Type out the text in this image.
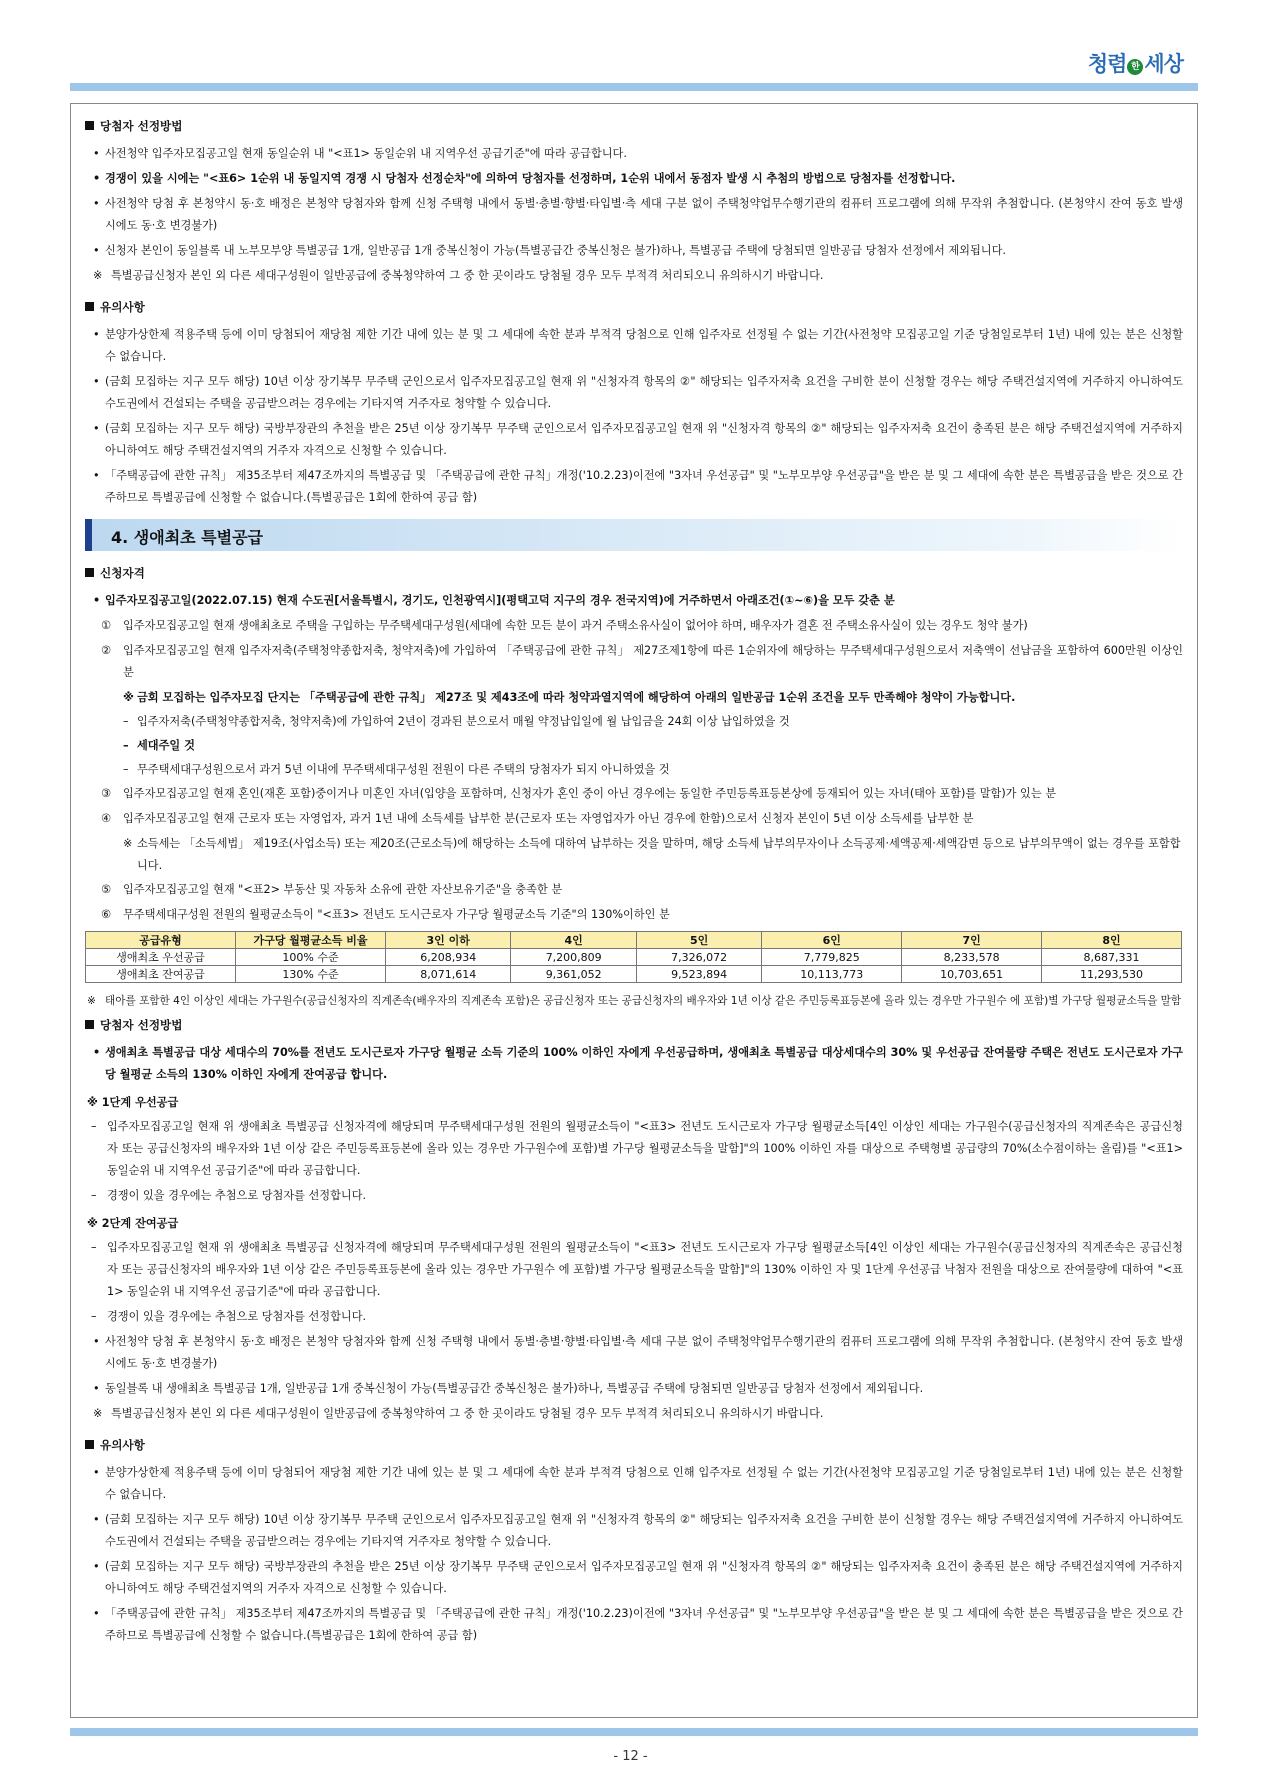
청렴 한 세상
당첨자 선정방법
• 사전청약 입주자모집공고일 현재 동일순위 내 "<표1> 동일순위 내 지역우선 공급기준"에 따라 공급합니다.
• 경쟁이 있을 시에는 "<표6> 1순위 내 동일지역 경쟁 시 당첨자 선정순차"에 의하여 당첨자를 선정하며, 1순위 내에서 동점자 발생 시 추첨의 방법으로 당첨자를 선정합니다.
• 사전청약 당첨 후 본청약시 동·호 배정은 본청약 당첨자와 함께 신청 주택형 내에서 동별·층별·향별·타입별·측 세대 구분 없이 주택청약업무수행기관의 컴퓨터 프로그램에 의해 무작위 추첨합니다. (본청약시 잔여 동호 발생 시에도 동·호 변경불가)
• 신청자 본인이 동일블록 내 노부모부양 특별공급 1개, 일반공급 1개 중복신청이 가능(특별공급간 중복신청은 불가)하나, 특별공급 주택에 당첨되면 일반공급 당첨자 선정에서 제외됩니다.
※ 특별공급신청자 본인 외 다른 세대구성원이 일반공급에 중복청약하여 그 중 한 곳이라도 당첨될 경우 모두 부적격 처리되오니 유의하시기 바랍니다.
유의사항
• 분양가상한제 적용주택 등에 이미 당첨되어 재당첨 제한 기간 내에 있는 분 및 그 세대에 속한 분과 부적격 당첨으로 인해 입주자로 선정될 수 없는 기간(사전청약 모집공고일 기준 당첨일로부터 1년) 내에 있는 분은 신청할 수 없습니다.
• (금회 모집하는 지구 모두 해당) 10년 이상 장기복무 무주택 군인으로서 입주자모집공고일 현재 위 "신청자격 항목의 ②" 해당되는 입주자저축 요건을 구비한 분이 신청할 경우는 해당 주택건설지역에 거주하지 아니하여도 수도권에서 건설되는 주택을 공급받으려는 경우에는 기타지역 거주자로 청약할 수 있습니다.
• (금회 모집하는 지구 모두 해당) 국방부장관의 추천을 받은 25년 이상 장기복무 무주택 군인으로서 입주자모집공고일 현재 위 "신청자격 항목의 ②" 해당되는 입주자저축 요건이 충족된 분은 해당 주택건설지역에 거주하지 아니하여도 해당 주택건설지역의 거주자 자격으로 신청할 수 있습니다.
• 「주택공급에 관한 규칙」 제35조부터 제47조까지의 특별공급 및 「주택공급에 관한 규칙」개정('10.2.23)이전에 "3자녀 우선공급" 및 "노부모부양 우선공급"을 받은 분 및 그 세대에 속한 분은 특별공급을 받은 것으로 간주하므로 특별공급에 신청할 수 없습니다.(특별공급은 1회에 한하여 공급 함)
4. 생애최초 특별공급
신청자격
• 입주자모집공고일(2022.07.15) 현재 수도권[서울특별시, 경기도, 인천광역시](평택고덕 지구의 경우 전국지역)에 거주하면서 아래조건(①~⑥)을 모두 갖춘 분
① 입주자모집공고일 현재 생애최초로 주택을 구입하는 무주택세대구성원(세대에 속한 모든 분이 과거 주택소유사실이 없어야 하며, 배우자가 결혼 전 주택소유사실이 있는 경우도 청약 불가)
② 입주자모집공고일 현재 입주자저축(주택청약종합저축, 청약저축)에 가입하여 「주택공급에 관한 규칙」 제27조제1항에 따른 1순위자에 해당하는 무주택세대구성원으로서 저축액이 선납금을 포함하여 600만원 이상인 분
※ 금회 모집하는 입주자모집 단지는 「주택공급에 관한 규칙」 제27조 및 제43조에 따라 청약과열지역에 해당하여 아래의 일반공급 1순위 조건을 모두 만족해야 청약이 가능합니다.
– 입주자저축(주택청약종합저축, 청약저축)에 가입하여 2년이 경과된 분으로서 매월 약정납입일에 월 납입금을 24회 이상 납입하였을 것
– 세대주일 것
– 무주택세대구성원으로서 과거 5년 이내에 무주택세대구성원 전원이 다른 주택의 당첨자가 되지 아니하였을 것
③ 입주자모집공고일 현재 혼인(재혼 포함)중이거나 미혼인 자녀(입양을 포함하며, 신청자가 혼인 중이 아닌 경우에는 동일한 주민등록표등본상에 등재되어 있는 자녀(태아 포함)를 말함)가 있는 분
④ 입주자모집공고일 현재 근로자 또는 자영업자, 과거 1년 내에 소득세를 납부한 분(근로자 또는 자영업자가 아닌 경우에 한함)으로서 신청자 본인이 5년 이상 소득세를 납부한 분
※ 소득세는 「소득세법」 제19조(사업소득) 또는 제20조(근로소득)에 해당하는 소득에 대하여 납부하는 것을 말하며, 해당 소득세 납부의무자이나 소득공제·세액공제·세액감면 등으로 납부의무액이 없는 경우를 포함합니다.
⑤ 입주자모집공고일 현재 "<표2> 부동산 및 자동차 소유에 관한 자산보유기준"을 충족한 분
⑥ 무주택세대구성원 전원의 월평균소득이 "<표3> 전년도 도시근로자 가구당 월평균소득 기준"의 130%이하인 분
공급유형	가구당 월평균소득 비율	3인 이하	4인	5인	6인	7인	8인
생애최초 우선공급	100% 수준	6,208,934	7,200,809	7,326,072	7,779,825	8,233,578	8,687,331
생애최초 잔여공급	130% 수준	8,071,614	9,361,052	9,523,894	10,113,773	10,703,651	11,293,530
※ 태아를 포함한 4인 이상인 세대는 가구원수(공급신청자의 직계존속(배우자의 직계존속 포함)은 공급신청자 또는 공급신청자의 배우자와 1년 이상 같은 주민등록표등본에 올라 있는 경우만 가구원수 에 포함)별 가구당 월평균소득을 말함
당첨자 선정방법
• 생애최초 특별공급 대상 세대수의 70%를 전년도 도시근로자 가구당 월평균 소득 기준의 100% 이하인 자에게 우선공급하며, 생애최초 특별공급 대상세대수의 30% 및 우선공급 잔여물량 주택은 전년도 도시근로자 가구당 월평균 소득의 130% 이하인 자에게 잔여공급 합니다.
※ 1단계 우선공급
– 입주자모집공고일 현재 위 생애최초 특별공급 신청자격에 해당되며 무주택세대구성원 전원의 월평균소득이 "<표3> 전년도 도시근로자 가구당 월평균소득[4인 이상인 세대는 가구원수(공급신청자의 직계존속은 공급신청자 또는 공급신청자의 배우자와 1년 이상 같은 주민등록표등본에 올라 있는 경우만 가구원수에 포함)별 가구당 월평균소득을 말함]"의 100% 이하인 자를 대상으로 주택형별 공급량의 70%(소수점이하는 올림)를 "<표1> 동일순위 내 지역우선 공급기준"에 따라 공급합니다.
– 경쟁이 있을 경우에는 추첨으로 당첨자를 선정합니다.
※ 2단계 잔여공급
– 입주자모집공고일 현재 위 생애최초 특별공급 신청자격에 해당되며 무주택세대구성원 전원의 월평균소득이 "<표3> 전년도 도시근로자 가구당 월평균소득[4인 이상인 세대는 가구원수(공급신청자의 직계존속은 공급신청자 또는 공급신청자의 배우자와 1년 이상 같은 주민등록표등본에 올라 있는 경우만 가구원수 에 포함)별 가구당 월평균소득을 말함]"의 130% 이하인 자 및 1단계 우선공급 낙첨자 전원을 대상으로 잔여물량에 대하여 "<표1> 동일순위 내 지역우선 공급기준"에 따라 공급합니다.
– 경쟁이 있을 경우에는 추첨으로 당첨자를 선정합니다.
• 사전청약 당첨 후 본청약시 동·호 배정은 본청약 당첨자와 함께 신청 주택형 내에서 동별·층별·향별·타입별·측 세대 구분 없이 주택청약업무수행기관의 컴퓨터 프로그램에 의해 무작위 추첨합니다. (본청약시 잔여 동호 발생 시에도 동·호 변경불가)
• 동일블록 내 생애최초 특별공급 1개, 일반공급 1개 중복신청이 가능(특별공급간 중복신청은 불가)하나, 특별공급 주택에 당첨되면 일반공급 당첨자 선정에서 제외됩니다.
※ 특별공급신청자 본인 외 다른 세대구성원이 일반공급에 중복청약하여 그 중 한 곳이라도 당첨될 경우 모두 부적격 처리되오니 유의하시기 바랍니다.
유의사항
• 분양가상한제 적용주택 등에 이미 당첨되어 재당첨 제한 기간 내에 있는 분 및 그 세대에 속한 분과 부적격 당첨으로 인해 입주자로 선정될 수 없는 기간(사전청약 모집공고일 기준 당첨일로부터 1년) 내에 있는 분은 신청할 수 없습니다.
• (금회 모집하는 지구 모두 해당) 10년 이상 장기복무 무주택 군인으로서 입주자모집공고일 현재 위 "신청자격 항목의 ②" 해당되는 입주자저축 요건을 구비한 분이 신청할 경우는 해당 주택건설지역에 거주하지 아니하여도 수도권에서 건설되는 주택을 공급받으려는 경우에는 기타지역 거주자로 청약할 수 있습니다.
• (금회 모집하는 지구 모두 해당) 국방부장관의 추천을 받은 25년 이상 장기복무 무주택 군인으로서 입주자모집공고일 현재 위 "신청자격 항목의 ②" 해당되는 입주자저축 요건이 충족된 분은 해당 주택건설지역에 거주하지 아니하여도 해당 주택건설지역의 거주자 자격으로 신청할 수 있습니다.
• 「주택공급에 관한 규칙」 제35조부터 제47조까지의 특별공급 및 「주택공급에 관한 규칙」개정('10.2.23)이전에 "3자녀 우선공급" 및 "노부모부양 우선공급"을 받은 분 및 그 세대에 속한 분은 특별공급을 받은 것으로 간주하므로 특별공급에 신청할 수 없습니다.(특별공급은 1회에 한하여 공급 함)
- 12 -
